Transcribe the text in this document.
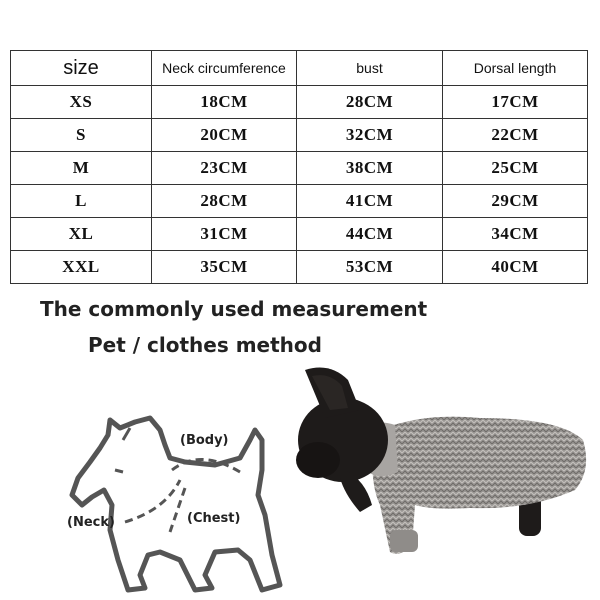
size	Neck circumference	bust	Dorsal length
XS	18CM	28CM	17CM
S	20CM	32CM	22CM
M	23CM	38CM	25CM
L	28CM	41CM	29CM
XL	31CM	44CM	34CM
XXL	35CM	53CM	40CM
The commonly used measurement
Pet / clothes method
(Body)
(Neck)	(Chest)
